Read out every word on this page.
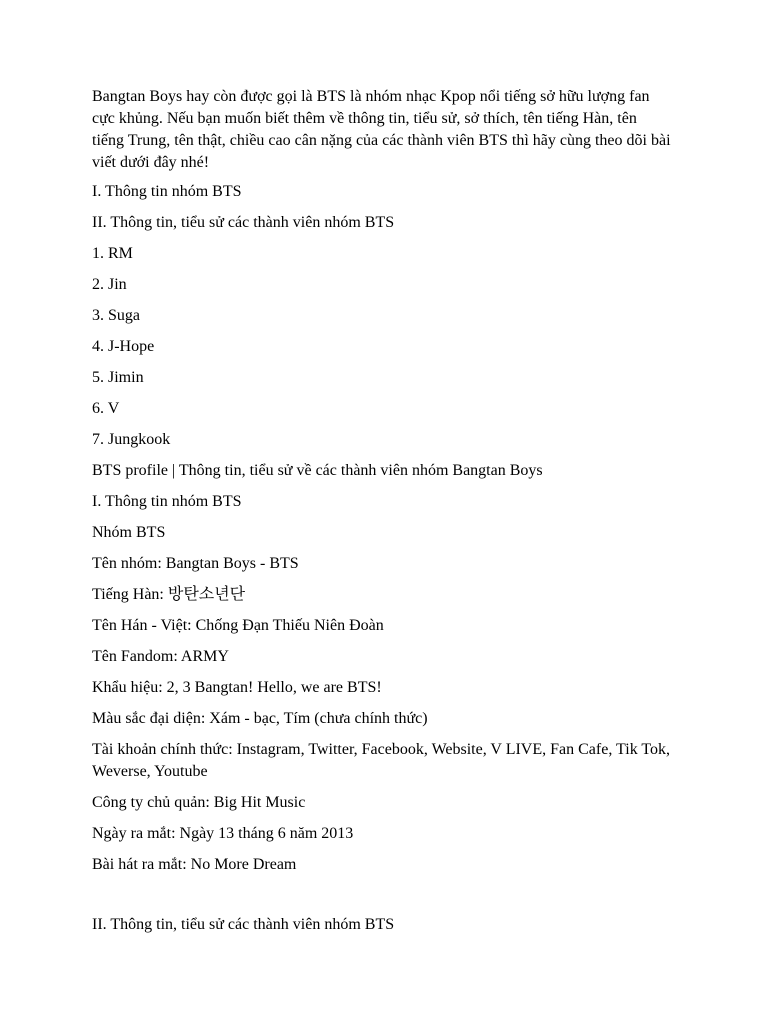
Bangtan Boys hay còn được gọi là BTS là nhóm nhạc Kpop nổi tiếng sở hữu lượng fan cực khủng. Nếu bạn muốn biết thêm về thông tin, tiểu sử, sở thích, tên tiếng Hàn, tên tiếng Trung, tên thật, chiều cao cân nặng của các thành viên BTS thì hãy cùng theo dõi bài viết dưới đây nhé!

I. Thông tin nhóm BTS

II. Thông tin, tiểu sử các thành viên nhóm BTS

1. RM

2. Jin

3. Suga

4. J-Hope

5. Jimin

6. V

7. Jungkook

BTS profile | Thông tin, tiểu sử về các thành viên nhóm Bangtan Boys

I. Thông tin nhóm BTS

Nhóm BTS

Tên nhóm: Bangtan Boys - BTS

Tiếng Hàn: 방탄소년단

Tên Hán - Việt: Chống Đạn Thiếu Niên Đoàn

Tên Fandom: ARMY

Khẩu hiệu: 2, 3 Bangtan! Hello, we are BTS!

Màu sắc đại diện: Xám - bạc, Tím (chưa chính thức)

Tài khoản chính thức: Instagram, Twitter, Facebook, Website, V LIVE, Fan Cafe, Tik Tok, Weverse, Youtube

Công ty chủ quản: Big Hit Music

Ngày ra mắt: Ngày 13 tháng 6 năm 2013

Bài hát ra mắt: No More Dream

II. Thông tin, tiểu sử các thành viên nhóm BTS
